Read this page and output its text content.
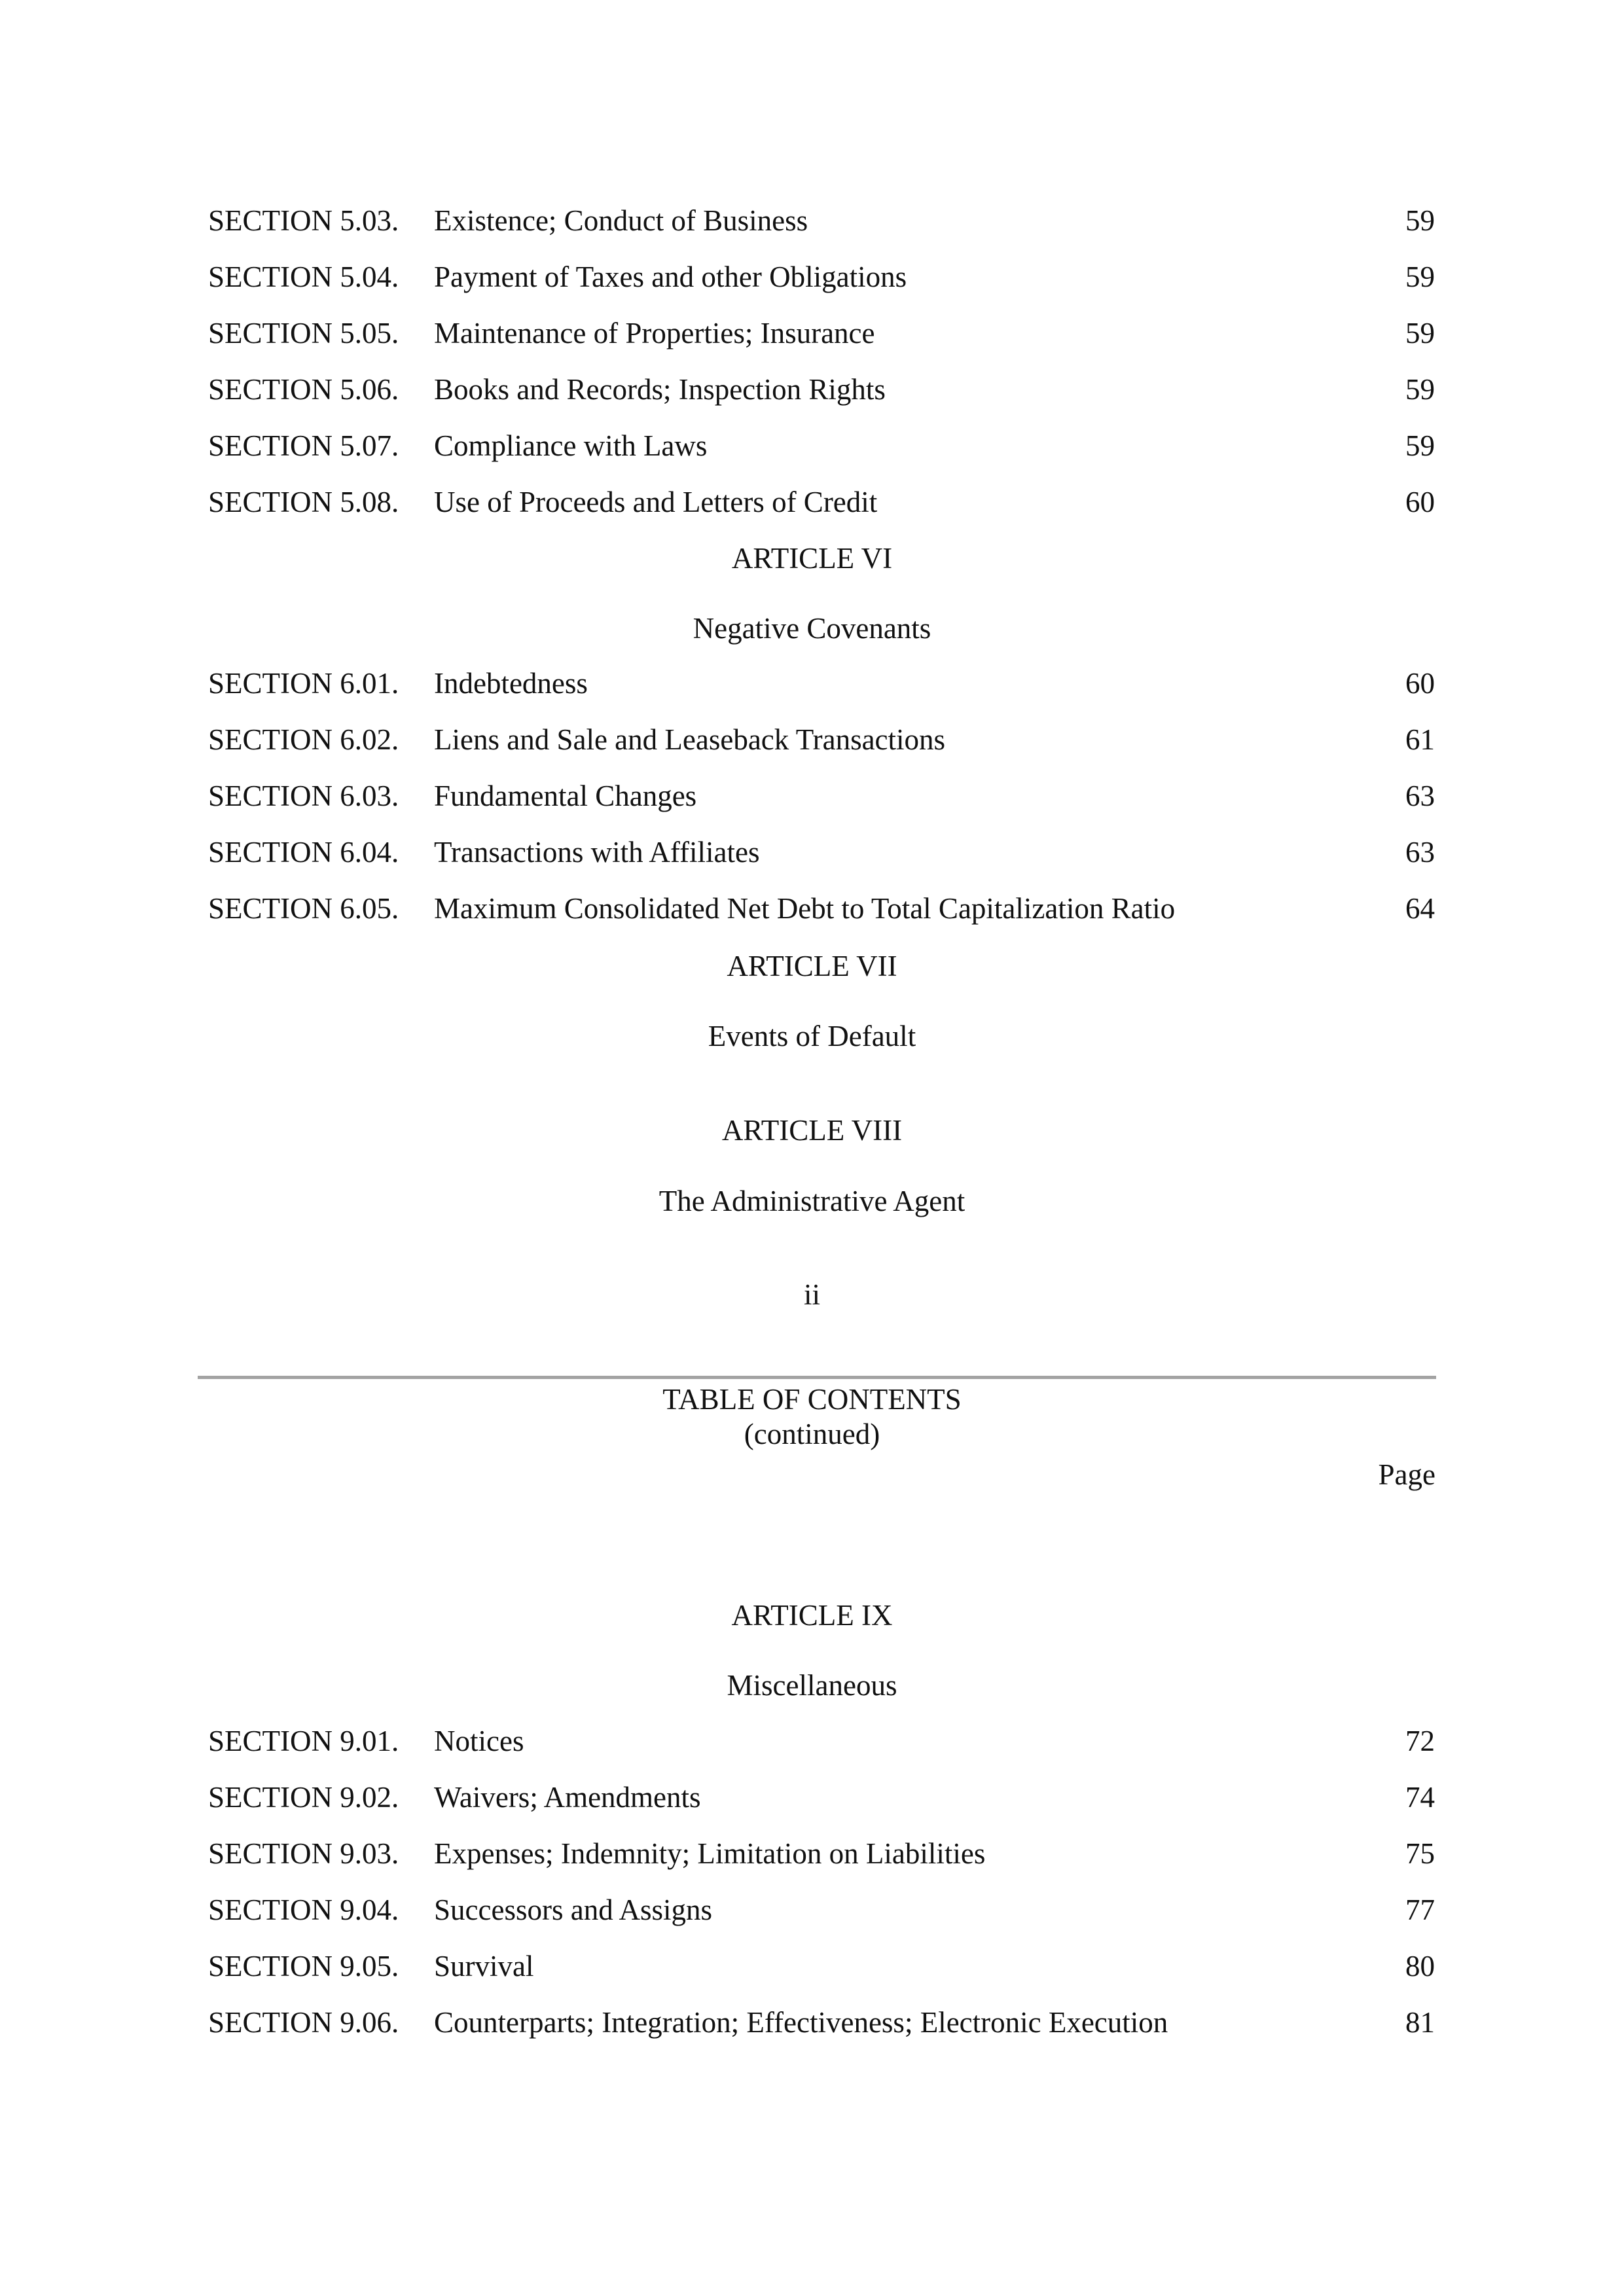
SECTION 5.03. Existence; Conduct of Business	59
SECTION 5.04. Payment of Taxes and other Obligations	59
SECTION 5.05. Maintenance of Properties; Insurance	59
SECTION 5.06. Books and Records; Inspection Rights	59
SECTION 5.07. Compliance with Laws	59
SECTION 5.08. Use of Proceeds and Letters of Credit	60
ARTICLE VI
Negative Covenants
SECTION 6.01. Indebtedness	60
SECTION 6.02. Liens and Sale and Leaseback Transactions	61
SECTION 6.03. Fundamental Changes	63
SECTION 6.04. Transactions with Affiliates	63
SECTION 6.05. Maximum Consolidated Net Debt to Total Capitalization Ratio	64
ARTICLE VII
Events of Default
ARTICLE VIII
The Administrative Agent
ii
TABLE OF CONTENTS
(continued)
Page
ARTICLE IX
Miscellaneous
SECTION 9.01. Notices	72
SECTION 9.02. Waivers; Amendments	74
SECTION 9.03. Expenses; Indemnity; Limitation on Liabilities	75
SECTION 9.04. Successors and Assigns	77
SECTION 9.05. Survival	80
SECTION 9.06. Counterparts; Integration; Effectiveness; Electronic Execution	81
